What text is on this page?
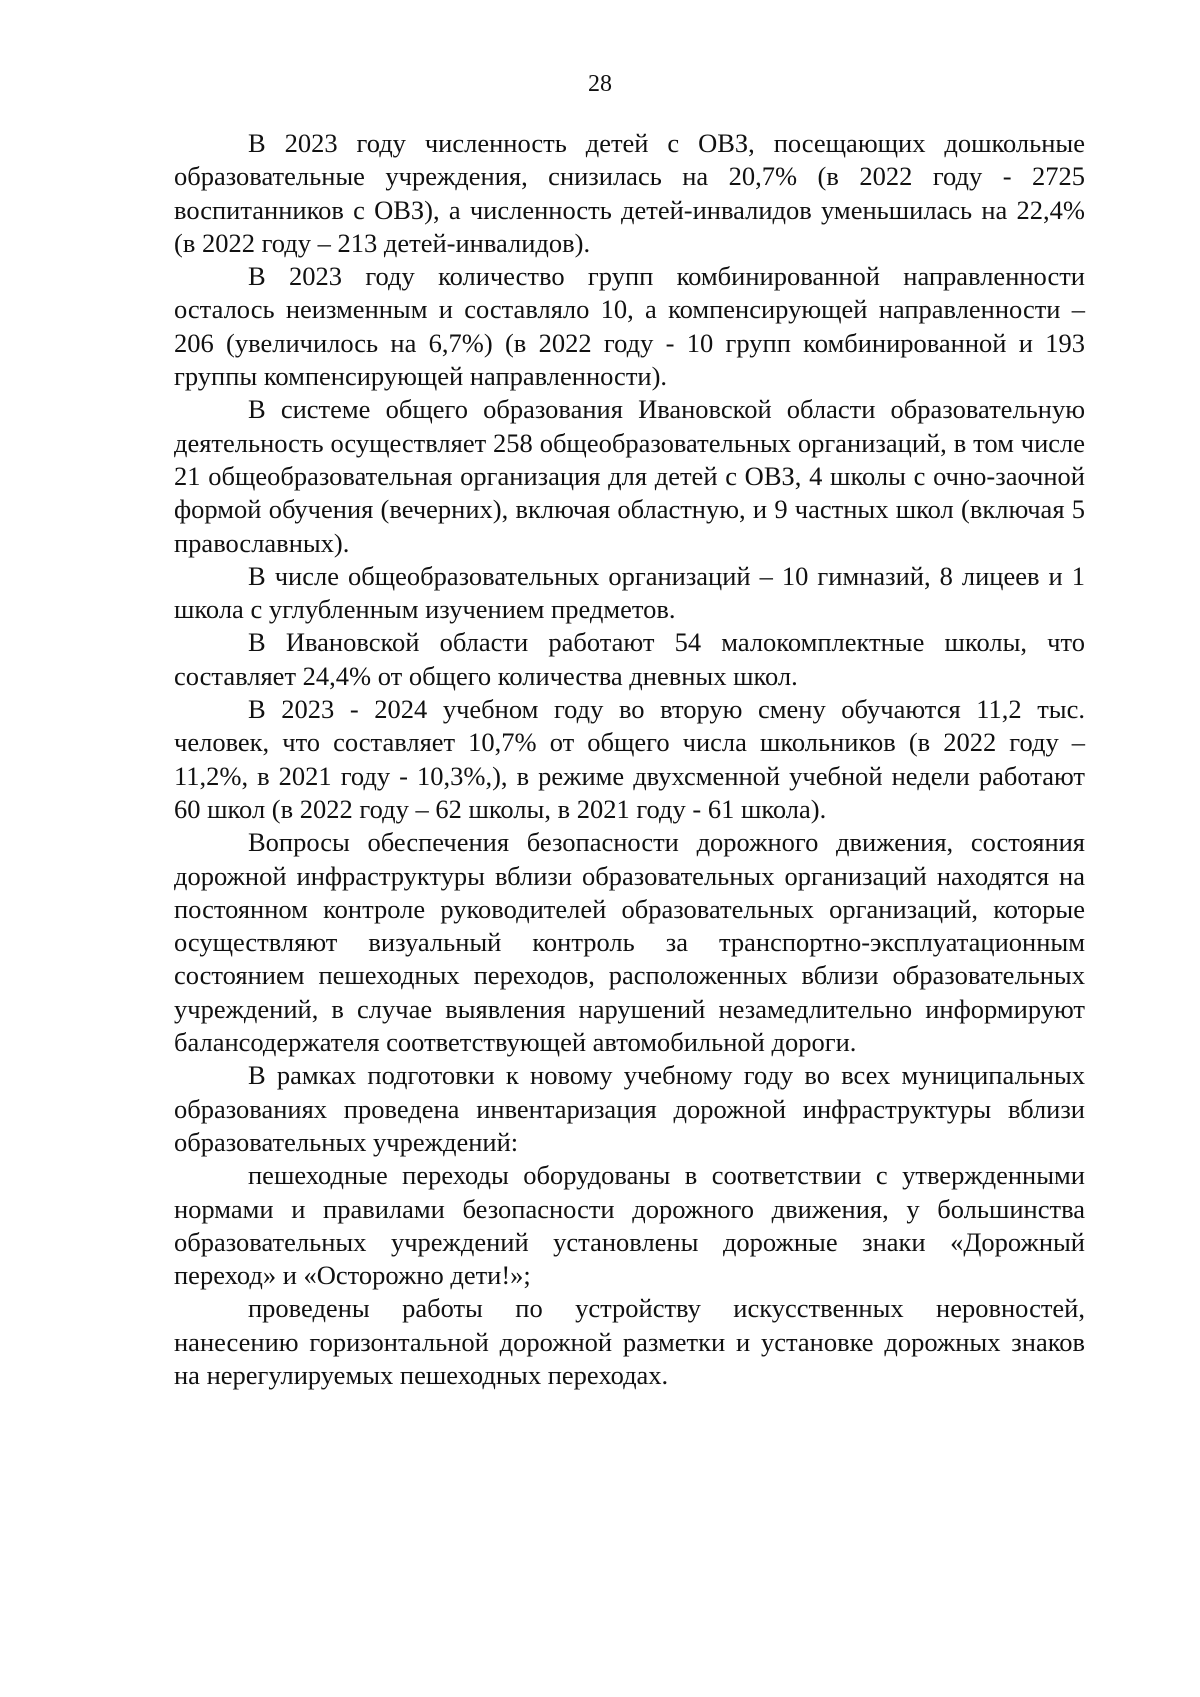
28

В 2023 году численность детей с ОВЗ, посещающих дошкольные образовательные учреждения, снизилась на 20,7% (в 2022 году - 2725 воспитанников с ОВЗ), а численность детей-инвалидов уменьшилась на 22,4% (в 2022 году – 213 детей-инвалидов).

В 2023 году количество групп комбинированной направленности осталось неизменным и составляло 10, а компенсирующей направленности – 206 (увеличилось на 6,7%) (в 2022 году - 10 групп комбинированной и 193 группы компенсирующей направленности).

В системе общего образования Ивановской области образовательную деятельность осуществляет 258 общеобразовательных организаций, в том числе 21 общеобразовательная организация для детей с ОВЗ, 4 школы с очно-заочной формой обучения (вечерних), включая областную, и 9 частных школ (включая 5 православных).

В числе общеобразовательных организаций – 10 гимназий, 8 лицеев и 1 школа с углубленным изучением предметов.

В Ивановской области работают 54 малокомплектные школы, что составляет 24,4% от общего количества дневных школ.

В 2023 - 2024 учебном году во вторую смену обучаются 11,2 тыс. человек, что составляет 10,7% от общего числа школьников (в 2022 году – 11,2%, в 2021 году - 10,3%,), в режиме двухсменной учебной недели работают 60 школ (в 2022 году – 62 школы, в 2021 году - 61 школа).

Вопросы обеспечения безопасности дорожного движения, состояния дорожной инфраструктуры вблизи образовательных организаций находятся на постоянном контроле руководителей образовательных организаций, которые осуществляют визуальный контроль за транспортно-эксплуатационным состоянием пешеходных переходов, расположенных вблизи образовательных учреждений, в случае выявления нарушений незамедлительно информируют балансодержателя соответствующей автомобильной дороги.

В рамках подготовки к новому учебному году во всех муниципальных образованиях проведена инвентаризация дорожной инфраструктуры вблизи образовательных учреждений:

пешеходные переходы оборудованы в соответствии с утвержденными нормами и правилами безопасности дорожного движения, у большинства образовательных учреждений установлены дорожные знаки «Дорожный переход» и «Осторожно дети!»;

проведены работы по устройству искусственных неровностей, нанесению горизонтальной дорожной разметки и установке дорожных знаков на нерегулируемых пешеходных переходах.
